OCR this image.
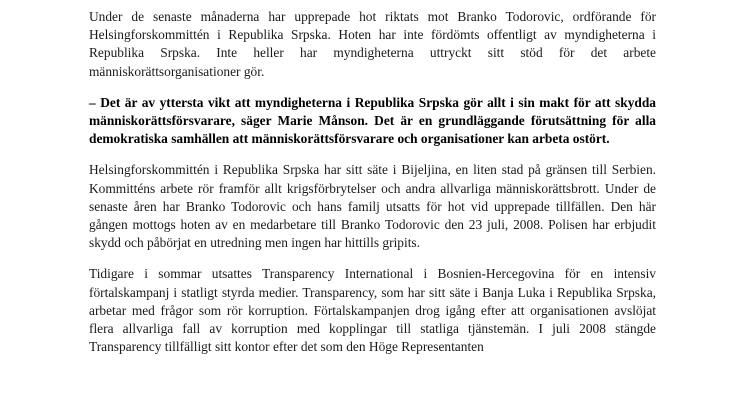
Under de senaste månaderna har upprepade hot riktats mot Branko Todorovic, ordförande för Helsingforskommittén i Republika Srpska. Hoten har inte fördömts offentligt av myndigheterna i Republika Srpska. Inte heller har myndigheterna uttryckt sitt stöd för det arbete människorättsorganisationer gör.

– Det är av yttersta vikt att myndigheterna i Republika Srpska gör allt i sin makt för att skydda människorättsförsvarare, säger Marie Månson. Det är en grundläggande förutsättning för alla demokratiska samhällen att människorättsförsvarare och organisationer kan arbeta ostört.

Helsingforskommittén i Republika Srpska har sitt säte i Bijeljina, en liten stad på gränsen till Serbien. Kommitténs arbete rör framför allt krigsförbrytelser och andra allvarliga människorättsbrott. Under de senaste åren har Branko Todorovic och hans familj utsatts för hot vid upprepade tillfällen. Den här gången mottogs hoten av en medarbetare till Branko Todorovic den 23 juli, 2008. Polisen har erbjudit skydd och påbörjat en utredning men ingen har hittills gripits.

Tidigare i sommar utsattes Transparency International i Bosnien-Hercegovina för en intensiv förtalskampanj i statligt styrda medier. Transparency, som har sitt säte i Banja Luka i Republika Srpska, arbetar med frågor som rör korruption. Förtalskampanjen drog igång efter att organisationen avslöjat flera allvarliga fall av korruption med kopplingar till statliga tjänstemän. I juli 2008 stängde Transparency tillfälligt sitt kontor efter det som den Höge Representanten
